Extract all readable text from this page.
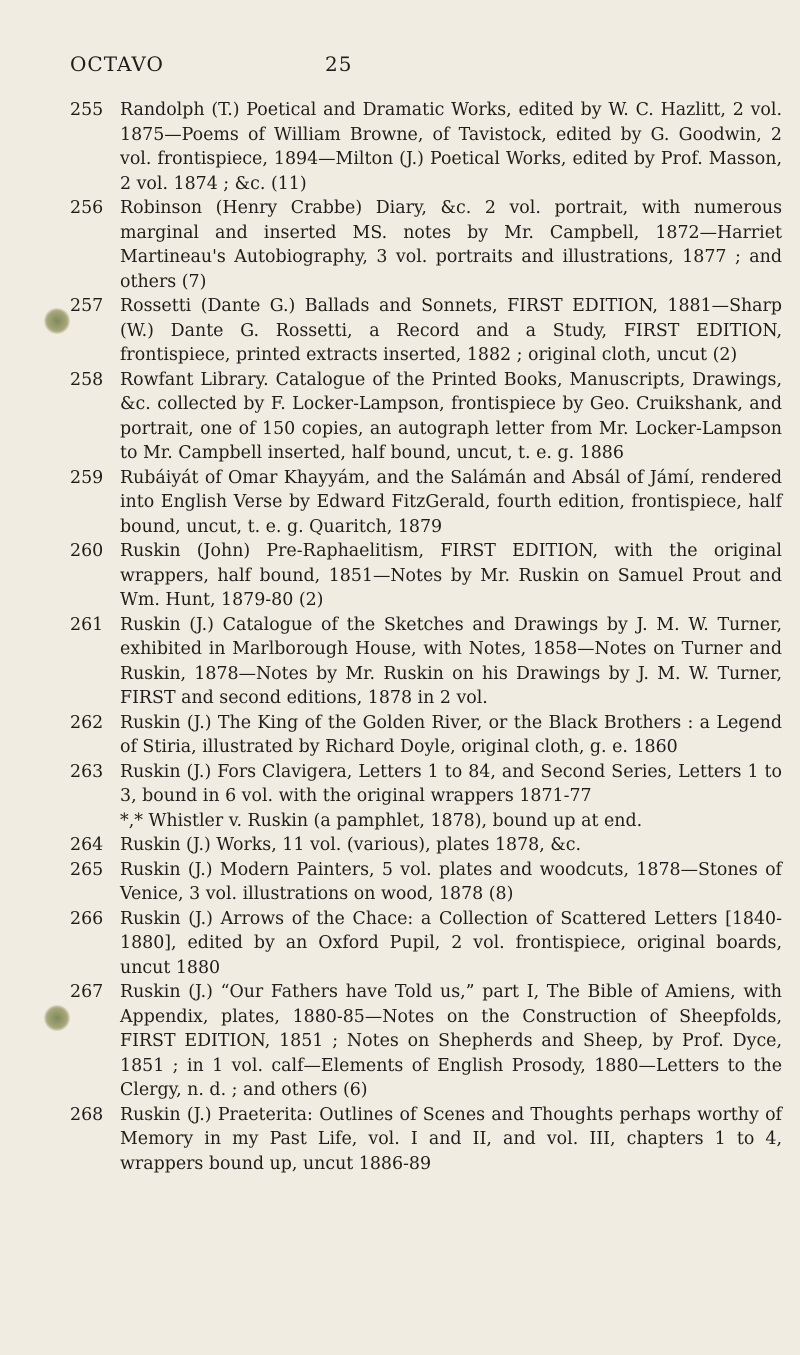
OCTAVO	25
255 Randolph (T.) Poetical and Dramatic Works, edited by W. C. Hazlitt, 2 vol. 1875—Poems of William Browne, of Tavistock, edited by G. Goodwin, 2 vol. frontispiece, 1894—Milton (J.) Poetical Works, edited by Prof. Masson, 2 vol. 1874 ; &c. (11)
256 Robinson (Henry Crabbe) Diary, &c. 2 vol. portrait, with numerous marginal and inserted MS. notes by Mr. Campbell, 1872—Harriet Martineau's Autobiography, 3 vol. portraits and illustrations, 1877 ; and others (7)
257 Rossetti (Dante G.) Ballads and Sonnets, FIRST EDITION, 1881—Sharp (W.) Dante G. Rossetti, a Record and a Study, FIRST EDITION, frontispiece, printed extracts inserted, 1882 ; original cloth, uncut (2)
258 Rowfant Library. Catalogue of the Printed Books, Manuscripts, Drawings, &c. collected by F. Locker-Lampson, frontispiece by Geo. Cruikshank, and portrait, one of 150 copies, an autograph letter from Mr. Locker-Lampson to Mr. Campbell inserted, half bound, uncut, t. e. g. 1886
259 Rubáiyát of Omar Khayyám, and the Salámán and Absál of Jámí, rendered into English Verse by Edward FitzGerald, fourth edition, frontispiece, half bound, uncut, t. e. g. Quaritch, 1879
260 Ruskin (John) Pre-Raphaelitism, FIRST EDITION, with the original wrappers, half bound, 1851—Notes by Mr. Ruskin on Samuel Prout and Wm. Hunt, 1879-80 (2)
261 Ruskin (J.) Catalogue of the Sketches and Drawings by J. M. W. Turner, exhibited in Marlborough House, with Notes, 1858—Notes on Turner and Ruskin, 1878—Notes by Mr. Ruskin on his Drawings by J. M. W. Turner, FIRST and second editions, 1878 in 2 vol.
262 Ruskin (J.) The King of the Golden River, or the Black Brothers : a Legend of Stiria, illustrated by Richard Doyle, original cloth, g. e. 1860
263 Ruskin (J.) Fors Clavigera, Letters 1 to 84, and Second Series, Letters 1 to 3, bound in 6 vol. with the original wrappers 1871-77
*,* Whistler v. Ruskin (a pamphlet, 1878), bound up at end.
264 Ruskin (J.) Works, 11 vol. (various), plates 1878, &c.
265 Ruskin (J.) Modern Painters, 5 vol. plates and woodcuts, 1878—Stones of Venice, 3 vol. illustrations on wood, 1878 (8)
266 Ruskin (J.) Arrows of the Chace: a Collection of Scattered Letters [1840-1880], edited by an Oxford Pupil, 2 vol. frontispiece, original boards, uncut 1880
267 Ruskin (J.) “Our Fathers have Told us,” part I, The Bible of Amiens, with Appendix, plates, 1880-85—Notes on the Construction of Sheepfolds, FIRST EDITION, 1851 ; Notes on Shepherds and Sheep, by Prof. Dyce, 1851 ; in 1 vol. calf—Elements of English Prosody, 1880—Letters to the Clergy, n. d. ; and others (6)
268 Ruskin (J.) Praeterita: Outlines of Scenes and Thoughts perhaps worthy of Memory in my Past Life, vol. I and II, and vol. III, chapters 1 to 4, wrappers bound up, uncut 1886-89
